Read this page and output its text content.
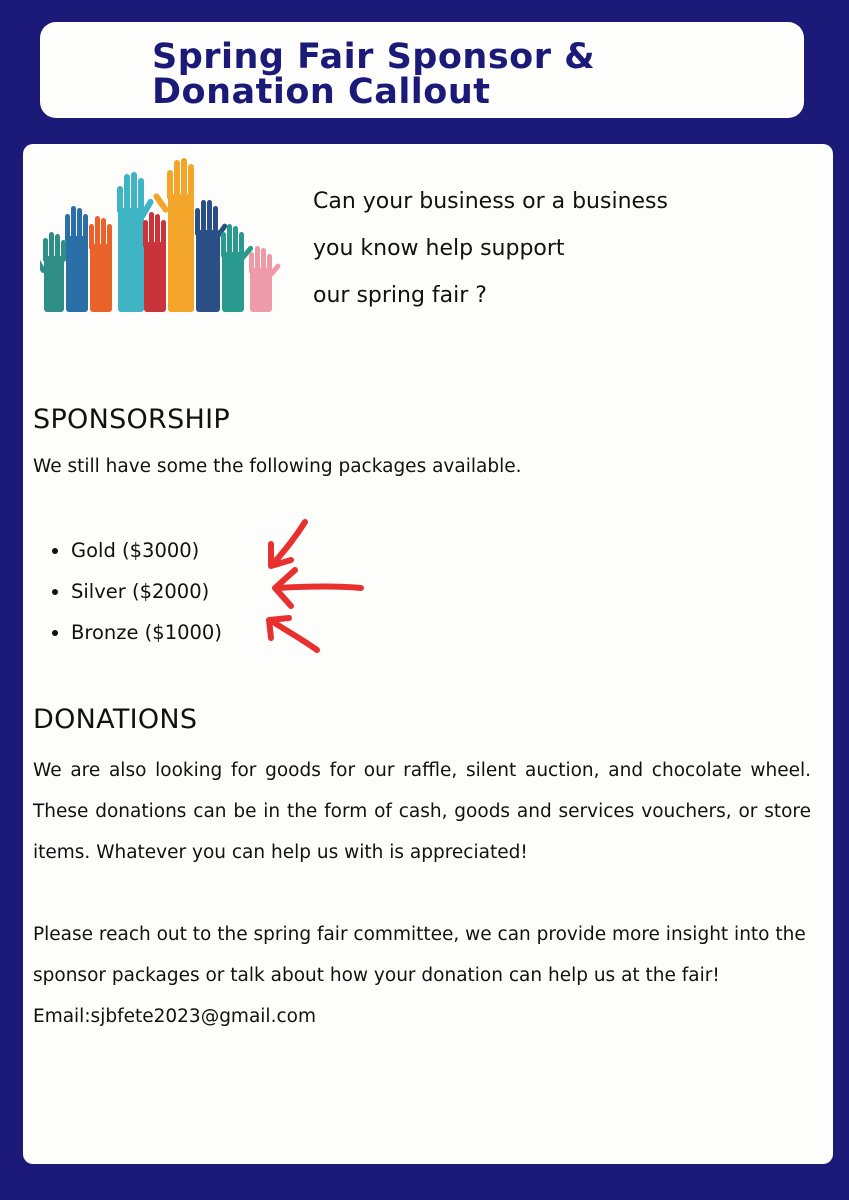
Spring Fair Sponsor & Donation Callout
Can your business or a business
you know help support
our spring fair ?
SPONSORSHIP
We still have some the following packages available.
• Gold ($3000)
• Silver ($2000)
• Bronze ($1000)
DONATIONS

We are also looking for goods for our raffle, silent auction, and chocolate wheel. These donations can be in the form of cash, goods and services vouchers, or store items. Whatever you can help us with is appreciated!

Please reach out to the spring fair committee, we can provide more insight into the sponsor packages or talk about how your donation can help us at the fair!

Email:sjbfete2023@gmail.com
